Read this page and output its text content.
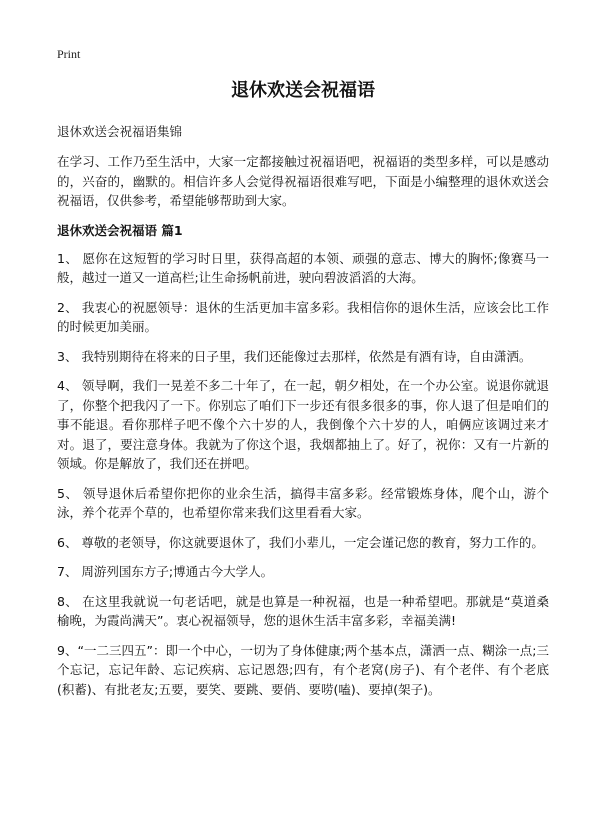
Print
退休欢送会祝福语
退休欢送会祝福语集锦
在学习、工作乃至生活中，大家一定都接触过祝福语吧，祝福语的类型多样，可以是感动的，兴奋的，幽默的。相信许多人会觉得祝福语很难写吧，下面是小编整理的退休欢送会祝福语，仅供参考，希望能够帮助到大家。
退休欢送会祝福语 篇1
1、 愿你在这短暂的学习时日里，获得高超的本领、顽强的意志、博大的胸怀;像赛马一般，越过一道又一道高栏;让生命扬帆前进，驶向碧波滔滔的大海。
2、 我衷心的祝愿领导：退休的生活更加丰富多彩。我相信你的退休生活，应该会比工作的时候更加美丽。
3、 我特别期待在将来的日子里，我们还能像过去那样，依然是有酒有诗，自由潇洒。
4、 领导啊，我们一晃差不多二十年了，在一起，朝夕相处，在一个办公室。说退你就退了，你整个把我闪了一下。你别忘了咱们下一步还有很多很多的事，你人退了但是咱们的事不能退。看你那样子吧不像个六十岁的人，我倒像个六十岁的人，咱俩应该调过来才对。退了，要注意身体。我就为了你这个退，我烟都抽上了。好了，祝你：又有一片新的领域。你是解放了，我们还在拼吧。
5、 领导退休后希望你把你的业余生活，搞得丰富多彩。经常锻炼身体，爬个山，游个泳，养个花弄个草的，也希望你常来我们这里看看大家。
6、 尊敬的老领导，你这就要退休了，我们小辈儿，一定会谨记您的教育，努力工作的。
7、 周游列国东方子;博通古今大学人。
8、 在这里我就说一句老话吧，就是也算是一种祝福，也是一种希望吧。那就是“莫道桑榆晚，为霞尚满天”。衷心祝福领导，您的退休生活丰富多彩，幸福美满!
9、“一二三四五”：即一个中心，一切为了身体健康;两个基本点，潇洒一点、糊涂一点;三个忘记，忘记年龄、忘记疾病、忘记恩怨;四有，有个老窝(房子)、有个老伴、有个老底(积蓄)、有批老友;五要，要笑、要跳、要俏、要唠(嗑)、要掉(架子)。
